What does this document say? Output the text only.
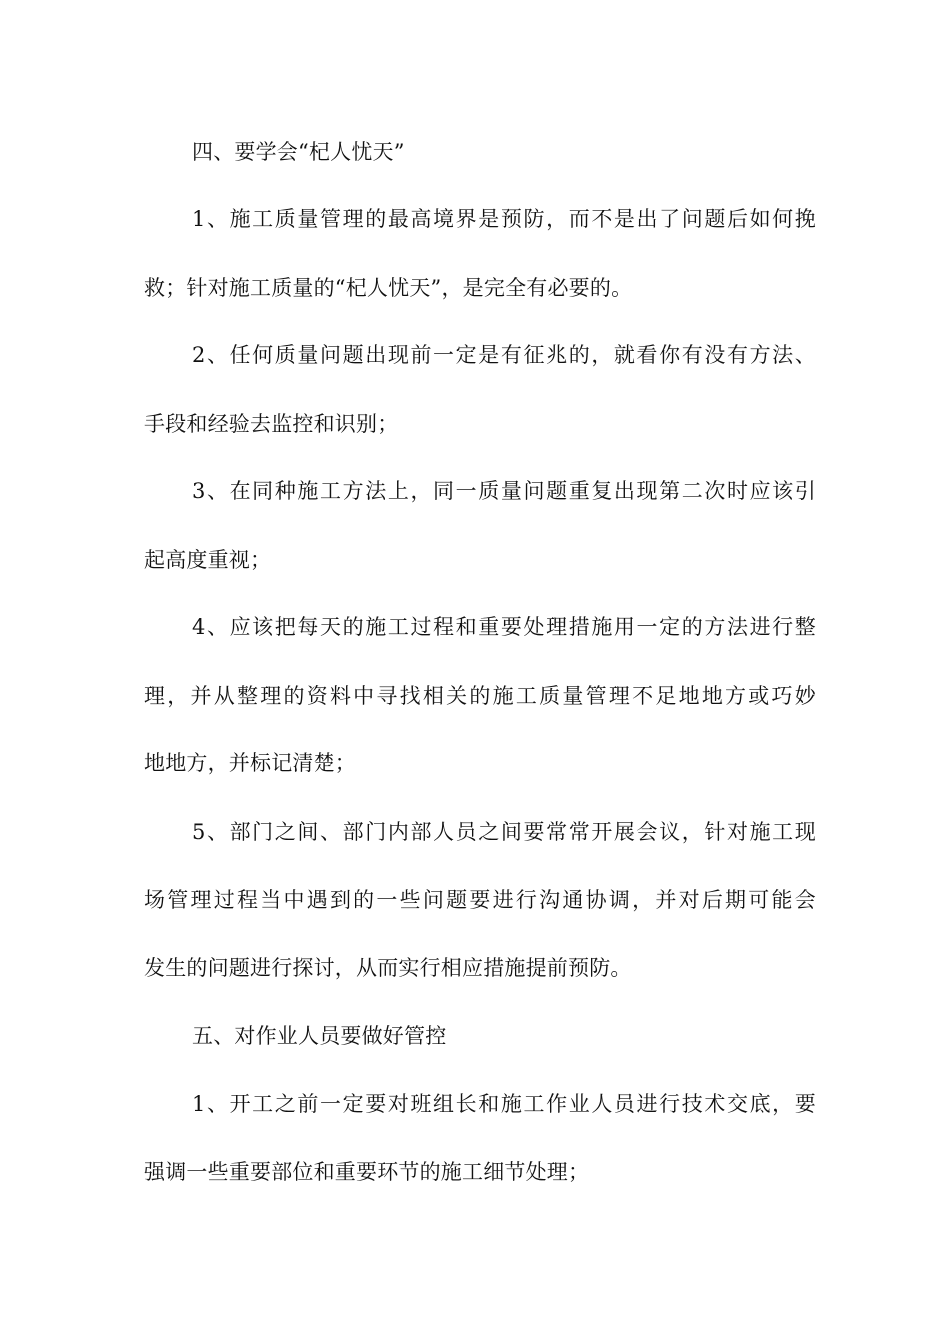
四、要学会“杞人忧天”
1、施工质量管理的最高境界是预防，而不是出了问题后如何挽
救；针对施工质量的“杞人忧天”，是完全有必要的。
2、任何质量问题出现前一定是有征兆的，就看你有没有方法、
手段和经验去监控和识别；
3、在同种施工方法上，同一质量问题重复出现第二次时应该引
起高度重视；
4、应该把每天的施工过程和重要处理措施用一定的方法进行整
理，并从整理的资料中寻找相关的施工质量管理不足地地方或巧妙
地地方，并标记清楚；
5、部门之间、部门内部人员之间要常常开展会议，针对施工现
场管理过程当中遇到的一些问题要进行沟通协调，并对后期可能会
发生的问题进行探讨，从而实行相应措施提前预防。
五、对作业人员要做好管控
1、开工之前一定要对班组长和施工作业人员进行技术交底，要
强调一些重要部位和重要环节的施工细节处理；
